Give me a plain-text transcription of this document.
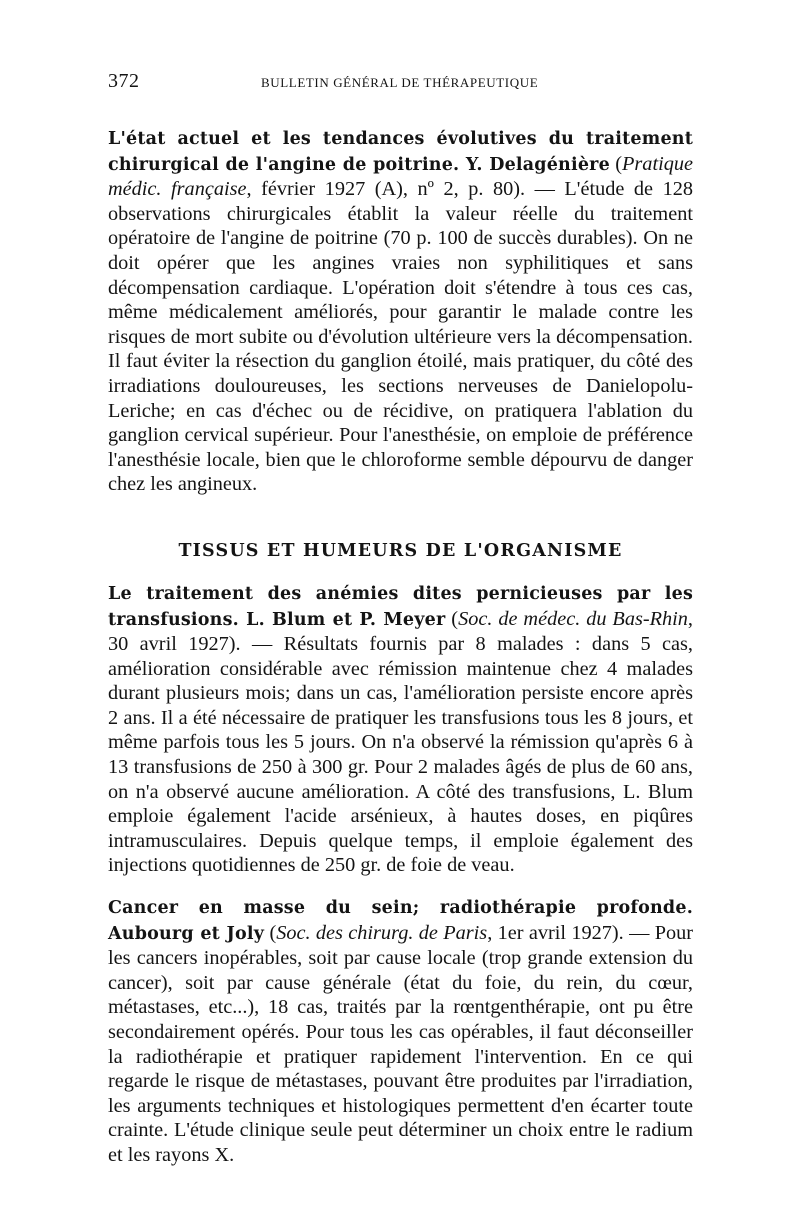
372	BULLETIN GÉNÉRAL DE THÉRAPEUTIQUE

L'état actuel et les tendances évolutives du traitement chirurgical de l'angine de poitrine. Y. Delagénière (Pratique médic. française, février 1927 (A), nº 2, p. 80). — L'étude de 128 observations chirurgicales établit la valeur réelle du traitement opératoire de l'angine de poitrine (70 p. 100 de succès durables). On ne doit opérer que les angines vraies non syphilitiques et sans décompensation cardiaque. L'opération doit s'étendre à tous ces cas, même médicalement améliorés, pour garantir le malade contre les risques de mort subite ou d'évolution ultérieure vers la décompensation. Il faut éviter la résection du ganglion étoilé, mais pratiquer, du côté des irradiations douloureuses, les sections nerveuses de Danielopolu-Leriche; en cas d'échec ou de récidive, on pratiquera l'ablation du ganglion cervical supérieur. Pour l'anesthésie, on emploie de préférence l'anesthésie locale, bien que le chloroforme semble dépourvu de danger chez les angineux.

TISSUS ET HUMEURS DE L'ORGANISME

Le traitement des anémies dites pernicieuses par les transfusions. L. Blum et P. Meyer (Soc. de médec. du Bas-Rhin, 30 avril 1927). — Résultats fournis par 8 malades : dans 5 cas, amélioration considérable avec rémission maintenue chez 4 malades durant plusieurs mois; dans un cas, l'amélioration persiste encore après 2 ans. Il a été nécessaire de pratiquer les transfusions tous les 8 jours, et même parfois tous les 5 jours. On n'a observé la rémission qu'après 6 à 13 transfusions de 250 à 300 gr. Pour 2 malades âgés de plus de 60 ans, on n'a observé aucune amélioration. A côté des transfusions, L. Blum emploie également l'acide arsénieux, à hautes doses, en piqûres intramusculaires. Depuis quelque temps, il emploie également des injections quotidiennes de 250 gr. de foie de veau.

Cancer en masse du sein; radiothérapie profonde. Aubourg et Joly (Soc. des chirurg. de Paris, 1er avril 1927). — Pour les cancers inopérables, soit par cause locale (trop grande extension du cancer), soit par cause générale (état du foie, du rein, du cœur, métastases, etc...), 18 cas, traités par la rœntgenthérapie, ont pu être secondairement opérés. Pour tous les cas opérables, il faut déconseiller la radiothérapie et pratiquer rapidement l'intervention. En ce qui regarde le risque de métastases, pouvant être produites par l'irradiation, les arguments techniques et histologiques permettent d'en écarter toute crainte. L'étude clinique seule peut déterminer un choix entre le radium et les rayons X.
